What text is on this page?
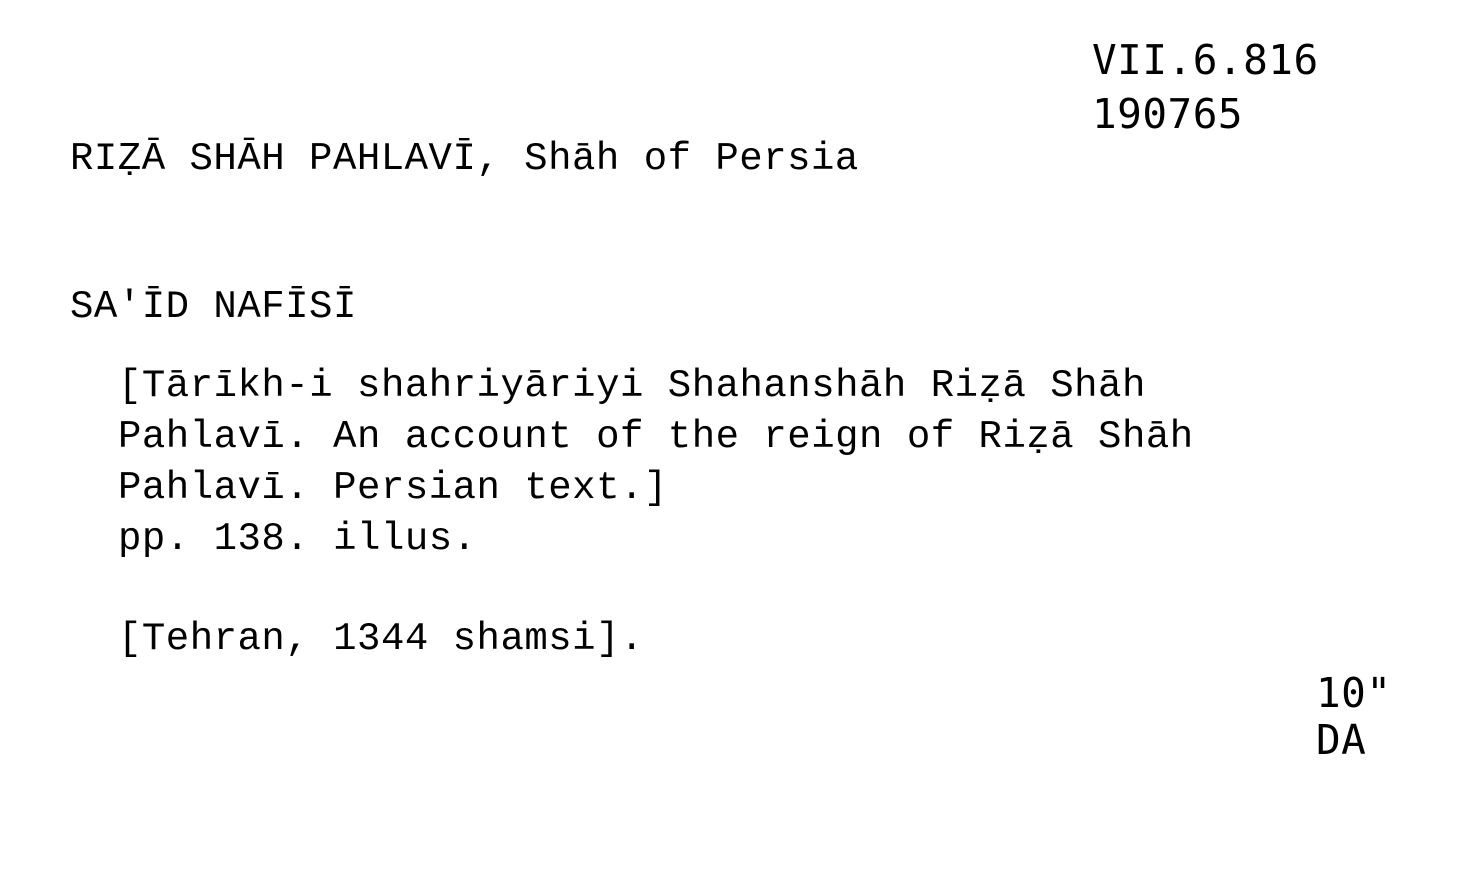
VII.6.816
190765
RIẒĀ SHĀH PAHLAVĪ, Shāh of Persia
SA'ĪD NAFĪSĪ
[Tārīkh-i shahriyāriyi Shahanshāh Riẓā Shāh
Pahlavī. An account of the reign of Riẓā Shāh
Pahlavī. Persian text.]
pp. 138. illus.
[Tehran, 1344 shamsi].
10"
DA
